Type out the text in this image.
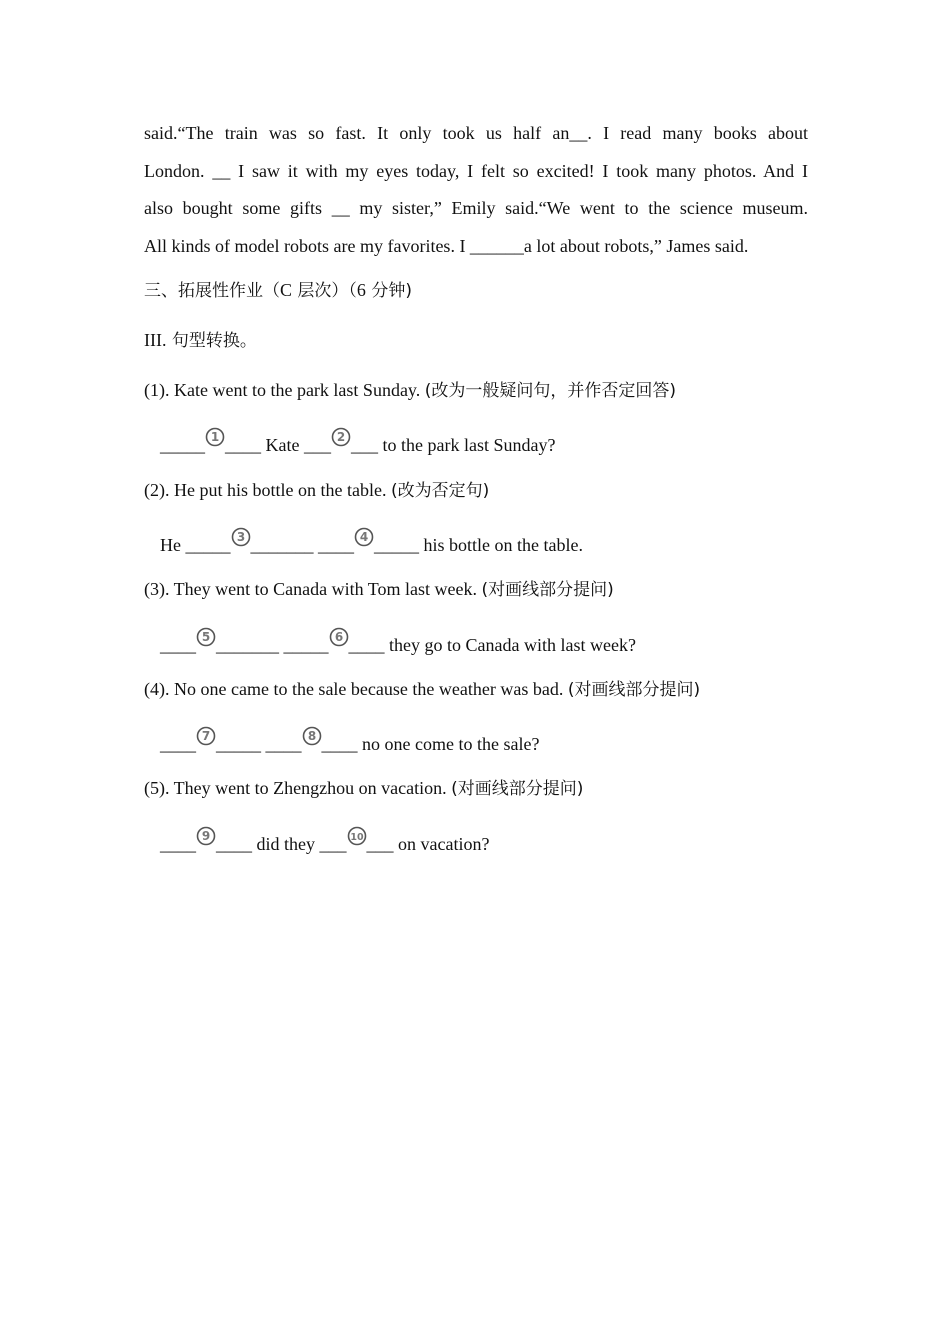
said.“The train was so fast. It only took us half an__. I read many books about
London. __ I saw it with my eyes today, I felt so excited! I took many photos. And I
also bought some gifts __ my sister,” Emily said.“We went to the science museum.
All kinds of model robots are my favorites. I ______a lot about robots,” James said.
三、拓展性作业（C 层次）（6 分钟)
III. 句型转换。
(1). Kate went to the park last Sunday. (改为一般疑问句，并作否定回答)
_____ 1 ____ Kate ___ 2 ___ to the park last Sunday?
(2). He put his bottle on the table. (改为否定句)
He _____ 3 _______ ____ 4 _____ his bottle on the table.
(3). They went to Canada with Tom last week. (对画线部分提问)
____ 5 _______ _____ 6 ____ they go to Canada with last week?
(4). No one came to the sale because the weather was bad. (对画线部分提问)
____ 7 _____ ____ 8 ____ no one come to the sale?
(5). They went to Zhengzhou on vacation. (对画线部分提问)
____ 9 ____ did they ___ 10 ___ on vacation?
